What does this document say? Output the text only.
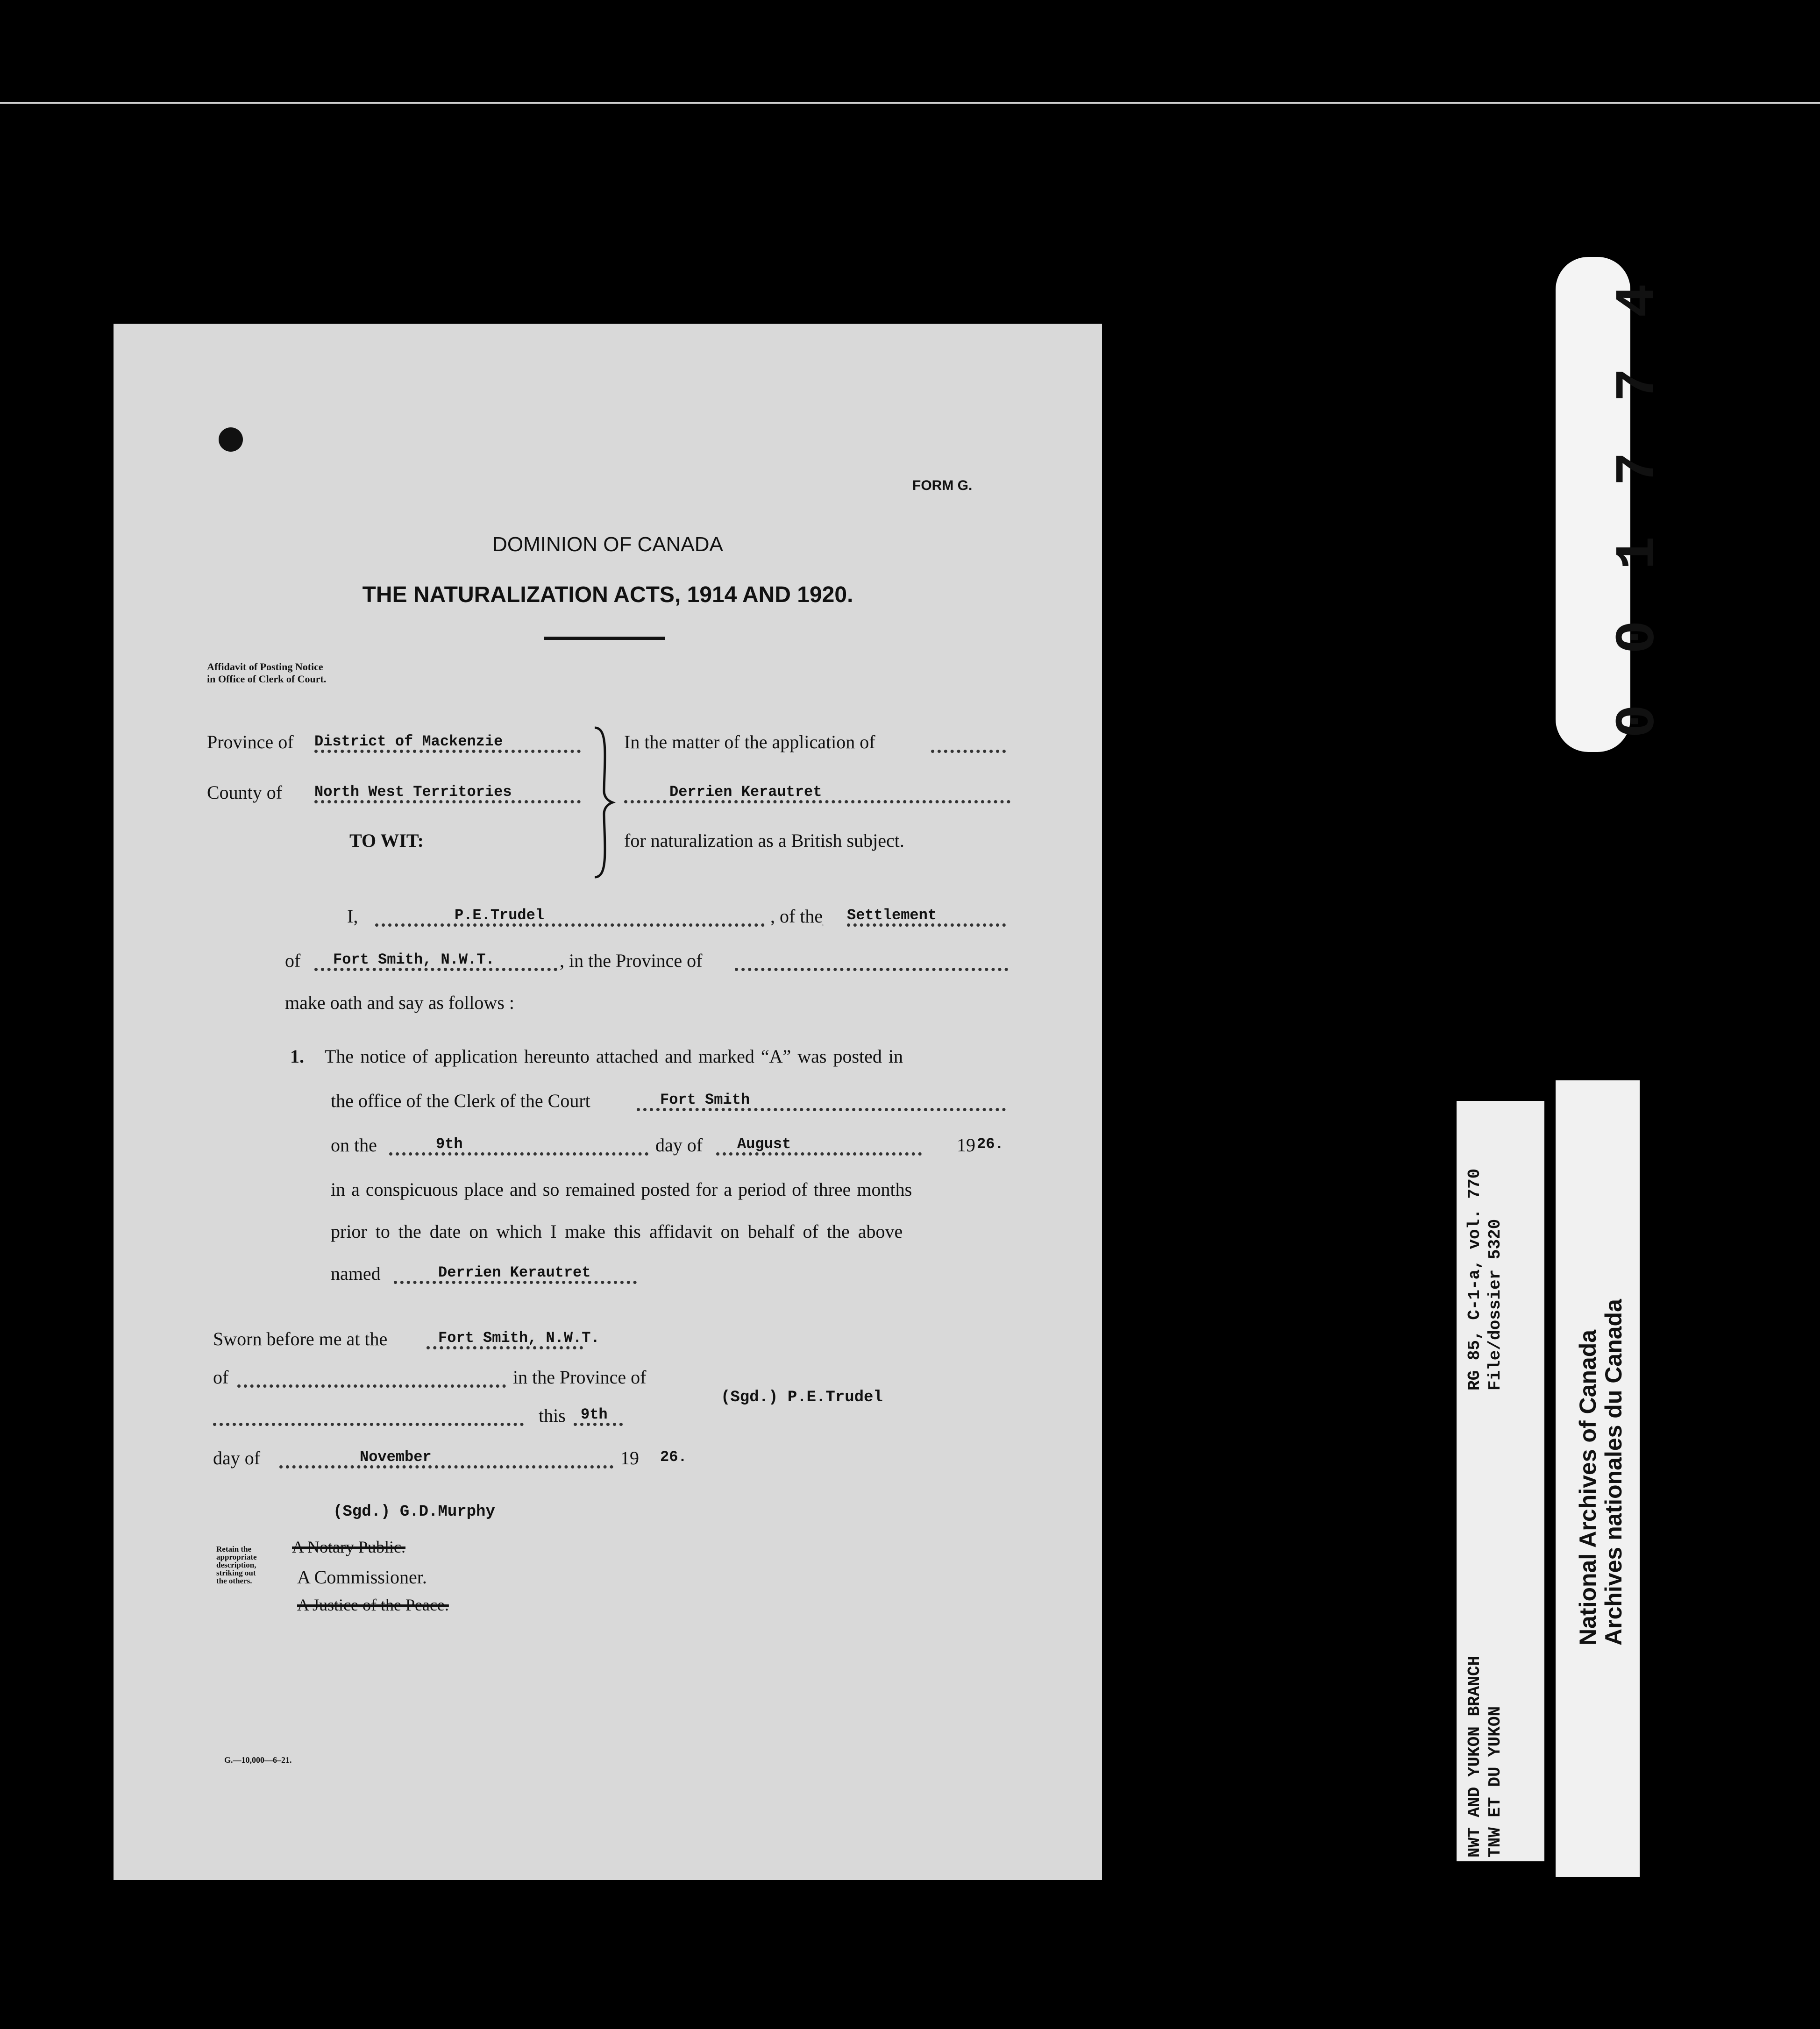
FORM G.
DOMINION OF CANADA
THE NATURALIZATION ACTS, 1914 AND 1920.
Affidavit of Posting Notice
in Office of Clerk of Court.
Province of District of Mackenzie
County of North West Territories
TO WIT:
In the matter of the application of
Derrien Kerautret
for naturalization as a British subject.
I,	P.E.Trudel	, of the Settlement
of Fort Smith, N.W.T.	, in the Province of
make oath and say as follows :
1. The notice of application hereunto attached and marked “A” was posted in
the office of the Clerk of the Court	Fort Smith
on the	9th	day of August	19 26.
in a conspicuous place and so remained posted for a period of three months
prior to the date on which I make this affidavit on behalf of the above
named	Derrien Kerautret
Sworn before me at the	Fort Smith, N.W.T.
of	in the Province of
this 9th
(Sgd.) P.E.Trudel
day of	November	19 26.
(Sgd.) G.D.Murphy
Retain the
appropriate
description,
striking out
the others.
A Notary Public.
A Commissioner.
A Justice of the Peace.
G.—10,000—6–21.
0 0 1 7 7 4
RG 85, C-1-a, vol. 770 File/dossier 5320
NWT AND YUKON BRANCH TNW ET DU YUKON
National Archives of Canada Archives nationales du Canada
